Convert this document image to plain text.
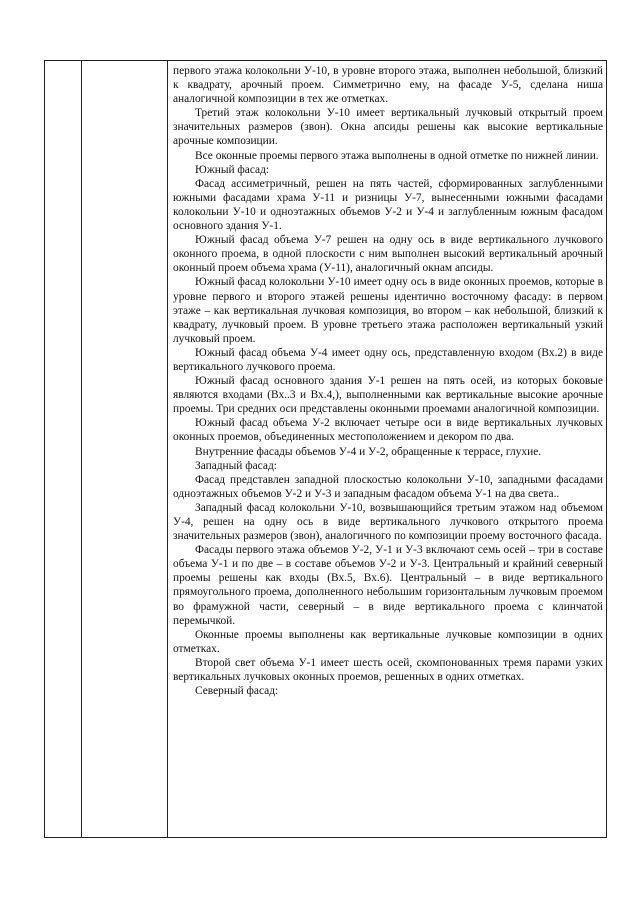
первого этажа колокольни У-10, в уровне второго этажа, выполнен небольшой, близкий к квадрату, арочный проем. Симметрично ему, на фасаде У-5, сделана ниша аналогичной композиции в тех же отметках.

Третий этаж колокольни У-10 имеет вертикальный лучковый открытый проем значительных размеров (звон). Окна апсиды решены как высокие вертикальные арочные композиции.

Все оконные проемы первого этажа выполнены в одной отметке по нижней линии.

Южный фасад:

Фасад ассиметричный, решен на пять частей, сформированных заглубленными южными фасадами храма У-11 и ризницы У-7, вынесенными южными фасадами колокольни У-10 и одноэтажных объемов У-2 и У-4 и заглубленным южным фасадом основного здания У-1.

Южный фасад объема У-7 решен на одну ось в виде вертикального лучкового оконного проема, в одной плоскости с ним выполнен высокий вертикальный арочный оконный проем объема храма (У-11), аналогичный окнам апсиды.

Южный фасад колокольни У-10 имеет одну ось в виде оконных проемов, которые в уровне первого и второго этажей решены идентично восточному фасаду: в первом этаже – как вертикальная лучковая композиция, во втором – как небольшой, близкий к квадрату, лучковый проем. В уровне третьего этажа расположен вертикальный узкий лучковый проем.

Южный фасад объема У-4 имеет одну ось, представленную входом (Вх.2) в виде вертикального лучкового проема.

Южный фасад основного здания У-1 решен на пять осей, из которых боковые являются входами (Вх..3 и Вх.4,), выполненными как вертикальные высокие арочные проемы. Три средних оси представлены оконными проемами аналогичной композиции.

Южный фасад объема У-2 включает четыре оси в виде вертикальных лучковых оконных проемов, объединенных местоположением и декором по два.

Внутренние фасады объемов У-4 и У-2, обращенные к террасе, глухие.

Западный фасад:

Фасад представлен западной плоскостью колокольни У-10, западными фасадами одноэтажных объемов У-2 и У-3 и западным фасадом объема У-1 на два света..

Западный фасад колокольни У-10, возвышающийся третьим этажом над объемом У-4, решен на одну ось в виде вертикального лучкового открытого проема значительных размеров (звон), аналогичного по композиции проему восточного фасада.

Фасады первого этажа объемов У-2, У-1 и У-3 включают семь осей – три в составе объема У-1 и по две – в составе объемов У-2 и У-3. Центральный и крайний северный проемы решены как входы (Вх.5, Вх.6). Центральный – в виде вертикального прямоугольного проема, дополненного небольшим горизонтальным лучковым проемом во фрамужной части, северный – в виде вертикального проема с клинчатой перемычкой.

Оконные проемы выполнены как вертикальные лучковые композиции в одних отметках.

Второй свет объема У-1 имеет шесть осей, скомпонованных тремя парами узких вертикальных лучковых оконных проемов, решенных в одних отметках.

Северный фасад:
